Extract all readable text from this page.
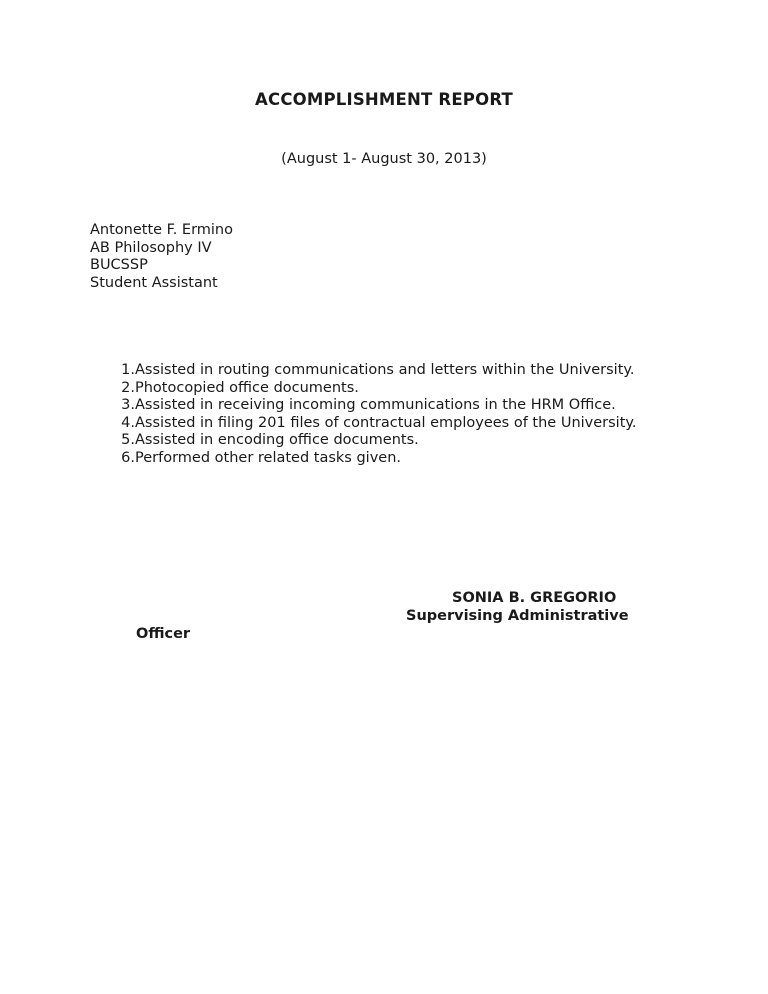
ACCOMPLISHMENT REPORT
(August 1- August 30, 2013)
Antonette F. Ermino
AB Philosophy IV
BUCSSP
Student Assistant
1. Assisted in routing communications and letters within the University.
2. Photocopied office documents.
3. Assisted in receiving incoming communications in the HRM Office.
4. Assisted in filing 201 files of contractual employees of the University.
5. Assisted in encoding office documents.
6. Performed other related tasks given.
SONIA B. GREGORIO
Supervising Administrative
Officer
